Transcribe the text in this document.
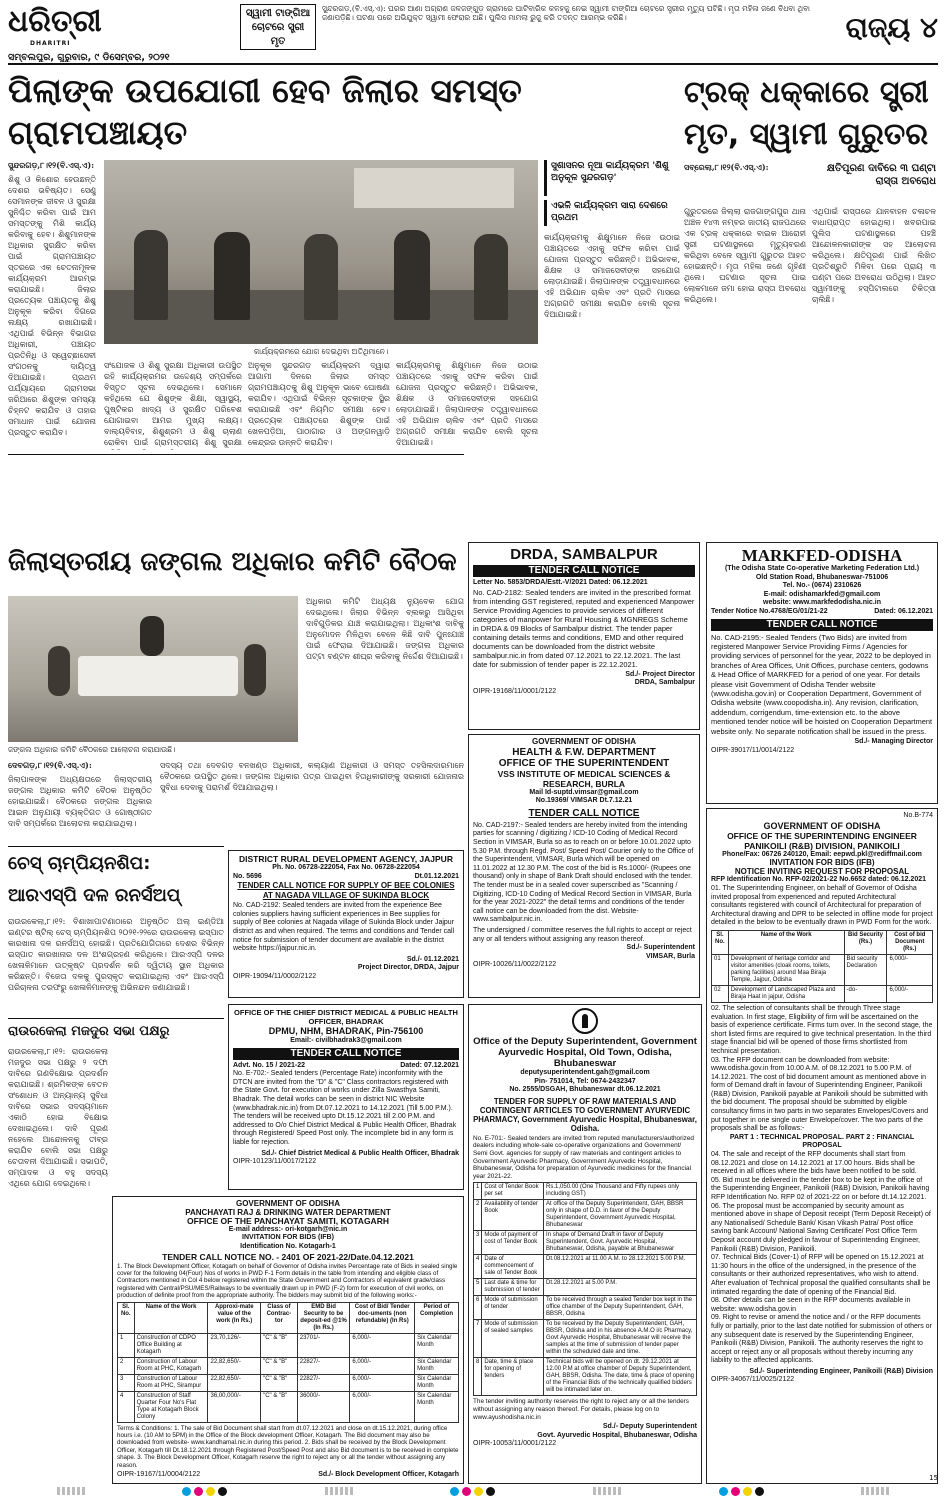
ଧରିତ୍ରୀ
DHARITRI
ସ୍ୱାମୀ ଟାଙ୍ଗିଆ ଚୋଟରେ ସ୍ତ୍ରୀ ମୃତ
ସୁନ୍ଦରଗଡ଼,(ବି.ଏସ୍.ଏ): ଘରର ଆଣା ଅଗ୍ରାଣ ଜଳଜଙ୍ଗୁଡ଼ ଗ୍ରାମରେ ଘାଟିବାରିକ କଳହକୁ ନେଇ ସ୍ୱାମୀ ଟାଙ୍ଗିଆ ଚୋଟରେ ସ୍ତ୍ରୀର ମୃତ୍ୟୁ ଘଟିଛି। ମୃତା ମହିଳା ଜଣେ ବିଧବା ଥିବା ଜଣାପଡ଼ିଛି। ଘଟଣା ପରେ ଅଭିଯୁକ୍ତ ସ୍ୱାମୀ ଫେରାର ଅଛି। ପୁଲିସ ମାମଲା ରୁଜୁ କରି ତଦନ୍ତ ଆରମ୍ଭ କରିଛି।	ରାଜ୍ୟ ୪
ସମ୍ବଲପୁର, ଗୁରୁବାର, ୯ ଡିସେମ୍ବର, ୨୦୨୧
ପିଲାଙ୍କ ଉପଯୋଗୀ ହେବ ଜିଲାର ସମସ୍ତ ଗ୍ରାମପଞ୍ଚାୟତ
ଟ୍ରକ୍ ଧକ୍କାରେ ସ୍ତ୍ରୀ ମୃତ, ସ୍ୱାମୀ ଗୁରୁତର
ସୁନ୍ଦରଗଡ଼,୮।୧୨(ବି.ଏସ୍.ଏ):
ଶିଶୁ ଓ କିଶୋର ହେଉଛନ୍ତି ଦେଶର ଭବିଷ୍ୟତ। ସେଣୁ ସେମାନଙ୍କ ଜୀବନ ଓ ସୁରକ୍ଷା ସୁନିଶ୍ଚିତ କରିବା ପାଇଁ ଆମ ସମସ୍ତଙ୍କୁ ମିଶି କାର୍ଯ୍ୟ କରିବାକୁ ହେବ। ଶିଶୁମାନଙ୍କ ଅଧିକାର ସୁରକ୍ଷିତ କରିବା ପାଇଁ ଗ୍ରାମପଞ୍ଚାୟତ ସ୍ତରରେ ଏକ ଚେତନାମୂଳକ କାର୍ଯ୍ୟକ୍ରମ ଆରମ୍ଭ କରାଯାଇଛି। ଜିଲାର ପ୍ରତ୍ୟେକ ପଞ୍ଚାୟତକୁ ଶିଶୁ ଅନୁକୂଳ କରିବା ଦିଗରେ ଲକ୍ଷ୍ୟ ରଖାଯାଇଛି। ଏଥିପାଇଁ ବିଭିନ୍ନ ବିଭାଗର ଅଧିକାରୀ, ପଞ୍ଚାୟତ ପ୍ରତିନିଧି ଓ ସ୍ୱେଚ୍ଛାସେବୀ ସଂଗଠନକୁ ଦାୟିତ୍ୱ ଦିଆଯାଇଛି। ପ୍ରଥମ ପର୍ଯ୍ୟାୟରେ ଗ୍ରାମସଭା ଜରିଆରେ ଶିଶୁଙ୍କ ସମସ୍ୟା ଚିହ୍ନଟ କରାଯିବ ଓ ତାହାର ସମାଧାନ ପାଇଁ ଯୋଜନା ପ୍ରସ୍ତୁତ କରାଯିବ।
କାର୍ଯ୍ୟକ୍ରମରେ ଯୋଗ ଦେଇଥିବା ଅତିଥିମାନେ।
ସଂଯୋଜକ ଓ ଶିଶୁ ସୁରକ୍ଷା ଅଧିକାରୀ ଉପସ୍ଥିତ ରହି କାର୍ଯ୍ୟକ୍ରମର ଉଦ୍ଦେଶ୍ୟ ସମ୍ପର୍କରେ ବିସ୍ତୃତ ସୂଚନା ଦେଇଥିଲେ। ସେମାନେ କହିଥିଲେ ଯେ ଶିଶୁଙ୍କ ଶିକ୍ଷା, ସ୍ୱାସ୍ଥ୍ୟ, ପୁଷ୍ଟିକର ଖାଦ୍ୟ ଓ ସୁରକ୍ଷିତ ପରିବେଶ ଯୋଗାଇବା ଆମର ମୁଖ୍ୟ ଲକ୍ଷ୍ୟ। ବାଲ୍ୟବିବାହ, ଶିଶୁଶ୍ରମ ଓ ଶିଶୁ ଚାଲାଣ ରୋକିବା ପାଇଁ ଗ୍ରାମସ୍ତରୀୟ ଶିଶୁ ସୁରକ୍ଷା
ଅନୁକୂଳ ସୁନ୍ଦରଗଡ଼ କାର୍ଯ୍ୟକ୍ରମ ଦ୍ୱାରା ଆଗାମୀ ଦିନରେ ଜିଲାର ସମସ୍ତ ଗ୍ରାମପଞ୍ଚାୟତକୁ ଶିଶୁ ଅନୁକୂଳ ଭାବେ ଘୋଷଣା କରାଯିବ। ଏଥିପାଇଁ ବିଭିନ୍ନ ସୂଚକାଙ୍କ ସ୍ଥିର କରାଯାଇଛି ଏବଂ ନିୟମିତ ସମୀକ୍ଷା ହେବ। ପ୍ରତ୍ୟେକ ପଞ୍ଚାୟତରେ ଶିଶୁଙ୍କ ପାଇଁ ଖେଳପଡ଼ିଆ, ପାଠାଗାର ଓ ଅଙ୍ଗନୱାଡ଼ି କେନ୍ଦ୍ରର ଉନ୍ନତି କରାଯିବ।
କାର୍ଯ୍ୟକ୍ରମକୁ ଶିକ୍ଷୁମାନେ ନିଜେ ଉଠାଇ ପଞ୍ଚାୟତରେ ଏହାକୁ ସଫଳ କରିବା ପାଇଁ ଯୋଜନା ପ୍ରସ୍ତୁତ କରିଛନ୍ତି। ଅଭିଭାବକ, ଶିକ୍ଷକ ଓ ସମାଜସେବୀଙ୍କ ସହଯୋଗ ଲୋଡ଼ାଯାଇଛି। ଜିଲାପାଳଙ୍କ ତତ୍ତ୍ୱାବଧାନରେ ଏହି ଅଭିଯାନ ଚାଲିବ ଏବଂ ପ୍ରତି ମାସରେ ଅଗ୍ରଗତି ସମୀକ୍ଷା କରାଯିବ ବୋଲି ସୂଚନା ଦିଆଯାଇଛି।
ସୁଶାସନର ନୂଆ କାର୍ଯ୍ୟକ୍ରମ 'ଶିଶୁ ଅନୁକୂଳ ସୁନ୍ଦରଗଡ଼'
ଏଭଳି କାର୍ଯ୍ୟକ୍ରମ ସାରା ଦେଶରେ ପ୍ରଥମ
କାର୍ଯ୍ୟକ୍ରମକୁ ଶିକ୍ଷୁମାନେ ନିଜେ ଉଠାଇ ପଞ୍ଚାୟତରେ ଏହାକୁ ସଫଳ କରିବା ପାଇଁ ଯୋଜନା ପ୍ରସ୍ତୁତ କରିଛନ୍ତି। ଅଭିଭାବକ, ଶିକ୍ଷକ ଓ ସମାଜସେବୀଙ୍କ ସହଯୋଗ ଲୋଡ଼ାଯାଇଛି। ଜିଲାପାଳଙ୍କ ତତ୍ତ୍ୱାବଧାନରେ ଏହି ଅଭିଯାନ ଚାଲିବ ଏବଂ ପ୍ରତି ମାସରେ ଅଗ୍ରଗତି ସମୀକ୍ଷା କରାଯିବ ବୋଲି ସୂଚନା ଦିଆଯାଇଛି।
ସବ୍ରେଲା,୮।୧୨(ବି.ଏସ୍.ଏ):	କ୍ଷତିପୂରଣ ଦାବିରେ ୩ ଘଣ୍ଟା ରାସ୍ତା ଅବରୋଧ
ଗୁରୁତରରେ ଜିଲ୍ଲା ରାଜଗାଙ୍ଗପୁର ଥାନା ଅଞ୍ଚଳ ୧୪୩ ନମ୍ବର ଜାତୀୟ ରାଜପଥରେ ଏକ ଟ୍ରକ୍ ଧକ୍କାରେ ବାଇକ ଆରୋହୀ ସ୍ତ୍ରୀ ଘଟଣାସ୍ଥଳରେ ମୃତ୍ୟୁବରଣ କରିଥିବା ବେଳେ ସ୍ୱାମୀ ଗୁରୁତର ଆହତ ହୋଇଛନ୍ତି। ମୃତା ମହିଳା ଜଣେ ଗୃହିଣୀ ଥିଲେ। ଘଟଣାର ସୂଚନା ପାଇ ଲୋକମାନେ ଜମା ହୋଇ ରାସ୍ତା ଅବରୋଧ କରିଥିଲେ।
ଏଥିପାଇଁ ରାସ୍ତାରେ ଯାନବାହନ ଚଳାଚଳ ବାଧାପ୍ରାପ୍ତ ହୋଇଥିଲା। ଖବରପାଇ ପୁଲିସ ଘଟଣାସ୍ଥଳରେ ପହଞ୍ଚି ଆନ୍ଦୋଳନକାରୀଙ୍କ ସହ ଆଲୋଚନା କରିଥିଲେ। କ୍ଷତିପୂରଣ ପାଇଁ ଲିଖିତ ପ୍ରତିଶ୍ରୁତି ମିଳିବା ପରେ ପ୍ରାୟ ୩ ଘଣ୍ଟା ପରେ ଅବରୋଧ ଉଠିଥିଲା। ଆହତ ସ୍ୱାମୀଙ୍କୁ ହସ୍ପିଟାଲରେ ଚିକିତ୍ସା ଚାଲିଛି।
ଜିଲାସ୍ତରୀୟ ଜଙ୍ଗଲ ଅଧିକାର କମିଟି ବୈଠକ
ଜଙ୍ଗଲ ଅଧିକାର କମିଟି ବୈଠକରେ ଆଲୋଚନା କରାଯାଉଛି।
ଅଧିକାର କମିଟି ଅଧ୍ୟକ୍ଷ ନ୍ୟୁବେକ ଯୋଗ ଦେଇଥିଲେ। ଜିଲାର ବିଭିନ୍ନ ବ୍ଲକରୁ ଆସିଥିବା ଦାବିଗୁଡ଼ିକର ଯାଞ୍ଚ କରାଯାଇଥିଲା। ଅଧିକାଂଶ ଦାବିକୁ ଅନୁମୋଦନ ମିଳିଥିବା ବେଳେ କିଛି ଦାବି ପୁନଃଯାଞ୍ଚ ପାଇଁ ଫେରାଇ ଦିଆଯାଇଛି। ଜଙ୍ଗଲ ଅଧିକାର ପଟ୍ଟା ବଣ୍ଟନ ଶୀଘ୍ର କରିବାକୁ ନିର୍ଦ୍ଦେଶ ଦିଆଯାଇଛି।
ଦେବଗଡ଼,୮।୧୨(ବି.ଏସ୍.ଏ):
ଜିଲାପାଳଙ୍କ ଅଧ୍ୟକ୍ଷତାରେ ଜିଲାସ୍ତରୀୟ ଜଙ୍ଗଲ ଅଧିକାର କମିଟି ବୈଠକ ଅନୁଷ୍ଠିତ ହୋଇଯାଇଛି। ବୈଠକରେ ଜଙ୍ଗଲ ଅଧିକାର ଆଇନ ଅନୁଯାୟୀ ବ୍ୟକ୍ତିଗତ ଓ ଗୋଷ୍ଠୀଗତ ଦାବି ସମ୍ପର୍କରେ ଆଲୋଚନା କରାଯାଇଥିଲା।
ସଦସ୍ୟ ତଥା ଦେବଗଡ଼ ବନଖଣ୍ଡ ଅଧିକାରୀ, କଲ୍ୟାଣ ଅଧିକାରୀ ଓ ସମସ୍ତ ତହସିଲଦାରମାନେ ବୈଠକରେ ଉପସ୍ଥିତ ଥିଲେ। ଜଙ୍ଗଲ ଅଧିକାର ପତ୍ର ପାଇଥିବା ହିତାଧିକାରୀଙ୍କୁ ସରକାରୀ ଯୋଜନାର ସୁବିଧା ଦେବାକୁ ପରାମର୍ଶ ଦିଆଯାଇଥିଲା।
ଚେସ୍ ଚାମ୍ପିୟନଶିପ:
ଆରଏସ୍‌ପି ଦଳ ରନର୍ସଅପ୍
ରାଉରକେଲା,୮।୧୨: ବିଶାଖାପାଟଣାଠାରେ ଅନୁଷ୍ଠିତ ଅଲ୍ ଇଣ୍ଡିଆ ଇଣ୍ଟର ଷ୍ଟିଲ୍ ଚେସ୍ ଚାମ୍ପିୟନଶିପ ୨୦୨୧-୨୨ରେ ରାଉରକେଲା ଇସ୍ପାତ କାରଖାନା ଦଳ ରନର୍ସଅପ୍ ହୋଇଛି। ପ୍ରତିଯୋଗିତାରେ ଦେଶର ବିଭିନ୍ନ ଇସ୍ପାତ କାରଖାନାର ଦଳ ଅଂଶଗ୍ରହଣ କରିଥିଲେ। ଆରଏସ୍‌ପି ଦଳର ଖେଳାଳିମାନେ ଉତ୍କୃଷ୍ଟ ପ୍ରଦର୍ଶନ କରି ଦ୍ୱିତୀୟ ସ୍ଥାନ ଅଧିକାର କରିଛନ୍ତି। ବିଜେତା ଦଳକୁ ପୁରସ୍କୃତ କରାଯାଇଥିଲା ଏବଂ ଆରଏସ୍‌ପି ପରିଚାଳନା ତରଫରୁ ଖେଳାଳିମାନଙ୍କୁ ଅଭିନନ୍ଦନ ଜଣାଯାଇଛି।
ରାଉରକେଲା ମଜଦୁର ସଭା ପକ୍ଷରୁ
ରାଉରକେଲା,୮।୧୨: ରାଉରକେଲା ମଜଦୁର ସଭା ପକ୍ଷରୁ ୨ ଦଫା ଦାବିରେ ଗଣବିକ୍ଷୋଭ ପ୍ରଦର୍ଶନ କରାଯାଇଛି। ଶ୍ରମିକଙ୍କ ବେତନ ସଂଶୋଧନ ଓ ଅନ୍ୟାନ୍ୟ ସୁବିଧା ଦାବିରେ ସଭାର ସଦସ୍ୟମାନେ ଏକାଠି ହୋଇ ବିକ୍ଷୋଭ ଦେଖାଇଥିଲେ। ଦାବି ପୂରଣ ନହେଲେ ଆନ୍ଦୋଳନକୁ ତୀବ୍ର କରାଯିବ ବୋଲି ସଭା ପକ୍ଷରୁ ଚେତାବନୀ ଦିଆଯାଇଛି। ସଭାପତି, ସମ୍ପାଦକ ଓ ବହୁ ସଦସ୍ୟ ଏଥିରେ ଯୋଗ ଦେଇଥିଲେ।
DRDA, SAMBALPUR
TENDER CALL NOTICE
Letter No. 5853/DRDA/Estt.-V/2021 Dated: 06.12.2021
No. CAD-2182: Sealed tenders are invited in the prescribed format from intending GST registered, reputed and experienced Manpower Service Providing Agencies to provide services of different categories of manpower for Rural Housing & MGNREGS Scheme in DRDA & 09 Blocks of Sambalpur district. The tender paper containing details terms and conditions, EMD and other required documents can be downloaded from the district website sambalpur.nic.in from dated 07.12.2021 to 22.12.2021. The last date for submission of tender paper is 22.12.2021.
Sd./- Project Director
DRDA, Sambalpur
OIPR-19168/11/0001/2122
MARKFED-ODISHA
(The Odisha State Co-operative Marketing Federation Ltd.)
Old Station Road, Bhubaneswar-751006
Tel. No.- (0674) 2310626
E-mail: odishamarkfed@gmail.com
website: www.markfedodisha.nic.in
Tender Notice No.4768/EG/01/21-22	Dated: 06.12.2021
TENDER CALL NOTICE
No. CAD-2195:- Sealed Tenders (Two Bids) are invited from registered Manpower Service Providing Firms / Agencies for providing services of personnel for the year, 2022 to be deployed in branches of Area Offices, Unit Offices, purchase centers, godowns & Head Office of MARKFED for a period of one year. For details please visit Government of Odisha Tender website (www.odisha.gov.in) or Cooperation Department, Government of Odisha website (www.coopodisha.in). Any revision, clarification, addendum, corrigendum, time-extension etc. to the above mentioned tender notice will be hoisted on Cooperation Department website only. No separate notification shall be issued in the press.
Sd./- Managing Director
OIPR-39017/11/0014/2122
GOVERNMENT OF ODISHA
HEALTH & F.W. DEPARTMENT
OFFICE OF THE SUPERINTENDENT
VSS INSTITUTE OF MEDICAL SCIENCES & RESEARCH, BURLA
Mail Id-suptd.vimsar@gmail.com
No.19369/ VIMSAR Dt.7.12.21
TENDER CALL NOTICE
No. CAD-2197:- Sealed tenders are hereby invited from the intending parties for scanning / digitizing / ICD-10 Coding of Medical Record Section in VIMSAR, Burla so as to reach on or before 10.01.2022 upto 5.30 P.M. through Regd. Post/ Speed Post/ Courier only to the Office of the Superintendent, VIMSAR, Burla which will be opened on 11.01.2022 at 12.30 P.M. The cost of the bid is Rs.1000/- (Rupees one thousand) only in shape of Bank Draft should enclosed with the tender. The tender must be in a sealed cover superscribed as "Scanning / Digitizing, ICD-10 Coding of Medical Record Section in VIMSAR, Burla for the year 2021-2022" the detail terms and conditions of the tender call notice can be downloaded from the dist. Website- www.sambalpur.nic.in.
The undersigned / committee reserves the full rights to accept or reject any or all tenders without assigning any reason thereof.
Sd./- Superintendent
VIMSAR, Burla
OIPR-10026/11/0022/2122
No.B-774
GOVERNMENT OF ODISHA
OFFICE OF THE SUPERINTENDING ENGINEER PANIKOILI (R&B) DIVISION, PANIKOILI
Phone/Fax: 06726 240120, Email: eepwd.pkl@rediffmail.com
INVITATION FOR BIDS (IFB)
NOTICE INVITING REQUEST FOR PROPOSAL
RFP Identification No. RFP-02/2021-22 No.6652 dated: 06.12.2021
01. The Superintending Engineer, on behalf of Governor of Odisha invited proposal from experienced and reputed Architectural consultants registered with council of Architectural for preparation of Architectural drawing and DPR to be selected in offline mode for project detailed in the below to be eventually drawn in PWD Form for the work.
Sl. No.	Name of the Work	Bid Security (Rs.)	Cost of bid Document (Rs.)
01	Development of heritage corridor and visitor amenities (cloak rooms, toilets, parking facilities) around Maa Biraja Temple, Jajpur, Odisha	Bid security Declaration	6,000/-
02	Development of Landscaped Plaza and Biraja Haat in jajpur, Odisha	-do-	6,000/-
02. The selection of consultants shall be through Three stage evaluation. In first stage, Eligibility of firm will be ascertained on the basis of experience certificate. Firms turn over. In the second stage, the short listed firms are required to give technical presentation. In the third stage financial bid will be opened of those firms shortlisted from technical presentation.
03. The RFP document can be downloaded from website: www.odisha.gov.in from 10.00 A.M. of 08.12.2021 to 5.00 P.M. of 14.12.2021. The cost of bid document amount as mentioned above in form of Demand draft in favour of Superintending Engineer, Panikoili (R&B) Division, Panikoili payable at Panikoili should be submitted with the bid document. The proposal should be submitted by eligible consultancy firms in two parts in two separates Envelopes/Covers and put together in one single outer Envelope/cover. The two parts of the proposals shall be as follows:-
PART 1 : TECHNICAL PROPOSAL. PART 2 : FINANCIAL PROPOSAL
04. The sale and receipt of the RFP documents shall start from 08.12.2021 and close on 14.12.2021 at 17.00 hours. Bids shall be received in all offices where the bids have been notified to be sold.
05. Bid must be delivered in the tender box to be kept in the office of the Superintending Engineer, Panikoili (R&B) Division, Panikoili having RFP Identification No. RFP 02 of 2021-22 on or before dt.14.12.2021.
06. The proposal must be accompanied by security amount as mentioned above in shape of Deposit receipt (Term Deposit Receipt) of any Nationalised/ Schedule Bank/ Kisan Vikash Patra/ Post office saving bank Account/ National Saving Certificate/ Post Office Term Deposit account duly pledged in favour of Superintending Engineer, Panikoili (R&B) Division, Panikoili.
07. Technical Bids (Cover-1) of RFP will be opened on 15.12.2021 at 11:30 hours in the office of the undersigned, in the presence of the consultants or their authorized representatives, who wish to attend. After evaluation of Technical proposal the qualified consultants shall be intimated regarding the date of opening of the Financial Bid.
08. Other details can be seen in the RFP documents available in website: www.odisha.gov.in
09. Right to revise or amend the notice and / or the RFP documents fully or partially, prior to the last date notified for submission of others or any subsequent date is reserved by the Superintending Engineer, Panikoili (R&B) Division, Panikoili. The authority reserves the right to accept or reject any or all proposals without thereby incurring any liability to the affected applicants.
Sd./- Superintending Engineer, Panikoili (R&B) Division
OIPR-34067/11/0025/2122
DISTRICT RURAL DEVELOPMENT AGENCY, JAJPUR
Ph. No. 06728-222054, Fax No. 06728-222054
No. 5696	Dt.01.12.2021
TENDER CALL NOTICE FOR SUPPLY OF BEE COLONIES AT NAGADA VILLAGE OF SUKINDA BLOCK
No. CAD-2192: Sealed tenders are invited from the experience Bee colonies suppliers having sufficient experiences in Bee supplies for supply of Bee colonies at Nagada village of Sukinda Block under Jajpur district as and when required. The terms and conditions and Tender call notice for submission of tender document are available in the district website https://jajpur.nic.in.
Sd./- 01.12.2021
Project Director, DRDA, Jajpur
OIPR-19094/11/0002/2122
OFFICE OF THE CHIEF DISTRICT MEDICAL & PUBLIC HEALTH OFFICER, BHADRAK
DPMU, NHM, BHADRAK, Pin-756100
Email:- civilbhadrak3@gmail.com
TENDER CALL NOTICE
Advt. No. 15 / 2021-22	Dated: 07.12.2021
No. E-702:- Sealed tenders (Percentage Rate) inconformity with the DTCN are invited from the "D" & "C" Class contractors registered with the State Govt. for execution of works under Zilla Swasthya Samiti, Bhadrak. The detail works can be seen in district NIC Website (www.bhadrak.nic.in) from Dt.07.12.2021 to 14.12.2021 (Till 5.00 P.M.). The tenders will be received upto Dt.15.12.2021 till 2.00 P.M. and addressed to O/o Chief District Medical & Public Health Officer, Bhadrak through Registered/ Speed Post only. The incomplete bid in any form is liable for rejection.
Sd./- Chief District Medical & Public Health Officer, Bhadrak
OIPR-10123/11/0017/2122
Office of the Deputy Superintendent, Government Ayurvedic Hospital, Old Town, Odisha, Bhubaneswar
deputysuperintendent.gah@gmail.com
Pin- 751014, Tel: 0674-2432347
No. 2555/DSGAH, Bhubaneswar dt.06.12.2021
TENDER FOR SUPPLY OF RAW MATERIALS AND CONTINGENT ARTICLES TO GOVERNMENT AYURVEDIC PHARMACY, Government Ayurvedic Hospital, Bhubaneswar, Odisha.
No. E-701:- Sealed tenders are invited from reputed manufacturers/authorized dealers including whole-sale co-operative organizations and Government/ Semi Govt. agencies for supply of raw materials and contingent articles to Government Ayurvedic Pharmacy, Government Ayurvedic Hospital, Bhubaneswar, Odisha for preparation of Ayurvedic medicines for the financial year 2021-22.
1	Cost of Tender Book per set	Rs.1,050.00 (One Thousand and Fifty rupees only including GST)
2	Availability of tender Book	At office of the Deputy Superintendent, GAH, BBSR only in shape of D.D. in favor of the Deputy Superintendent, Government Ayurvedic Hospital, Bhubaneswar
3	Mode of payment of cost of Tender Book	In shape of Demand Draft in favor of Deputy Superintendent, Govt. Ayurvedic Hospital, Bhubaneswar, Odisha, payable at Bhubaneswar
4	Date of commencement of sale of Tender Book	Dt.08.12.2021 at 11.00 A.M. to 28.12.2021 5.00 P.M.
5	Last date & time for submission of tender	Dt.28.12.2021 at 5.00 P.M.
6	Mode of submission of tender	To be received through a sealed Tender box kept in the office chamber of the Deputy Superintendent, GAH, BBSR, Odisha
7	Mode of submission of sealed samples	To be received by the Deputy Superintendent, GAH, BBSR, Odisha and in his absence A.M.O i/c Pharmacy, Govt Ayurvedic Hospital, Bhubaneswar will receive the samples at the time of submission of tender paper within the scheduled date and time.
8	Date, time & place for opening of tenders	Technical bids will be opened on dt. 29.12.2021 at 12.00 P.M at office chamber of Deputy Superintendent, GAH, BBSR, Odisha. The date, time & place of opening of the Financial Bids of the technically qualified bidders will be intimated later on.
The tender inviting authority reserves the right to reject any or all the tenders without assigning any reason thereof. For details, please log on to www.ayushodisha.nic.in
Sd./- Deputy Superintendent
Govt. Ayurvedic Hospital, Bhubaneswar, Odisha
OIPR-10053/11/0001/2122
GOVERNMENT OF ODISHA
PANCHAYATI RAJ & DRINKING WATER DEPARTMENT
OFFICE OF THE PANCHAYAT SAMITI, KOTAGARH
E-mail address:- ori-kotgarh@nic.in
INVITATION FOR BIDS (IFB)
Identification No. Kotagarh-1
TENDER CALL NOTICE NO. - 2401 OF 2021-22/Date.04.12.2021
1. The Block Development Officer, Kotagarh on behalf of Governor of Odisha invites Percentage rate of Bids in sealed single cover for the following 04(Four) Nos of works in PWD F-1 Form details in the table from intending and eligible class of Contractors mentioned in Col 4 below registered within the State Government and Contractors of equivalent grade/class registered with Central/PSU/MES/Railways to be eventually drawn up in PWD (F-2) form for execution of civil works, on production of definite proof from the appropriate authority. The bidders may submit bid of the following works:-
Sl. No.	Name of the Work	Approxi-mate value of the work (In Rs.)	Class of Contrac-tor	EMD Bid Security to be deposit-ed @1% (In Rs.)	Cost of Bid/ Tender doc-uments (non refundable) (In Rs)	Period of Completion
1	Construction of CDPO Office Building at Kotagarh	23,70,126/-	"C" & "B"	23701/-	6,000/-	Six Calendar Month
2	Construction of Labour Room at PHC, Kotagarh	22,82,650/-	"C" & "B"	22827/-	6,000/-	Six Calendar Month
3	Construction of Labour Room at PHC, Sirampur	22,82,650/-	"C" & "B"	22827/-	6,000/-	Six Calendar Month
4	Construction of Staff Quarter Four No's Flat Type at Kotagarh Block Colony	36,00,000/-	"C" & "B"	36000/-	6,000/-	Six Calendar Month
Terms & Conditions: 1. The sale of Bid Document shall start from dt.07.12.2021 and close on dt.15.12.2021, during office hours i.e. (10 AM to 5PM) in the Office of the Block development Officer, Kotagarh. The Bid document may also be downloaded from website- www.kandhamal.nic.in during this period. 2. Bids shall be received by the Block Development Officer, Kotagarh till Dt.18.12.2021 through Registered Post/Speed Post and also Bid document is to be received in complete shape. 3. The Block Development Officer, Kotagarh reserve the right to reject any or all the tender without assigning any reason.
OIPR-19167/11/0004/2122	Sd./- Block Development Officer, Kotagarh	15
